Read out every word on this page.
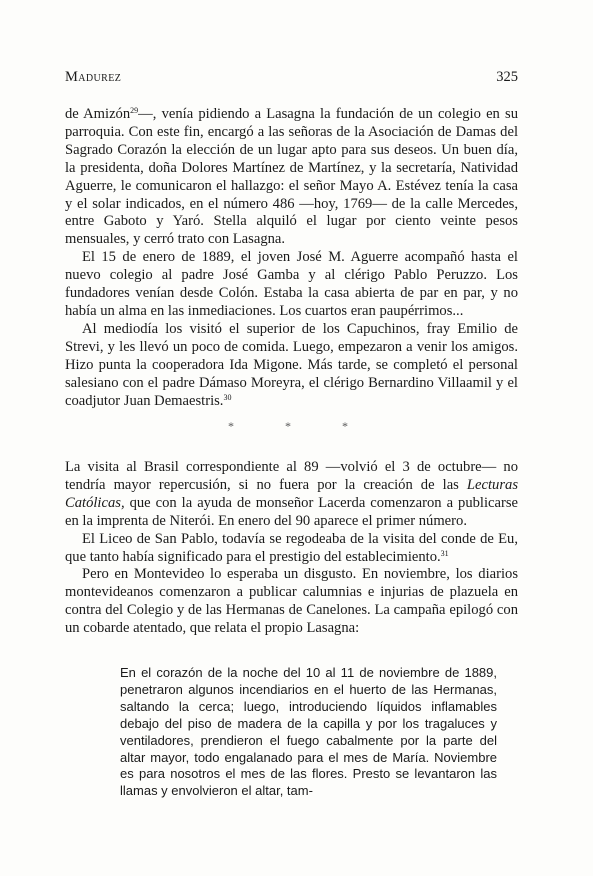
Madurez	325

de Amizón$^{29}$—, venía pidiendo a Lasagna la fundación de un colegio en su parroquia. Con este fin, encargó a las señoras de la Asociación de Damas del Sagrado Corazón la elección de un lugar apto para sus deseos. Un buen día, la presidenta, doña Dolores Martínez de Martínez, y la secretaría, Natividad Aguerre, le comunicaron el hallazgo: el señor Mayo A. Estévez tenía la casa y el solar indicados, en el número 486 —hoy, 1769— de la calle Mercedes, entre Gaboto y Yaró. Stella alquiló el lugar por ciento veinte pesos mensuales, y cerró trato con Lasagna.

El 15 de enero de 1889, el joven José M. Aguerre acompañó hasta el nuevo colegio al padre José Gamba y al clérigo Pablo Peruzzo. Los fundadores venían desde Colón. Estaba la casa abierta de par en par, y no había un alma en las inmediaciones. Los cuartos eran paupérrimos...

Al mediodía los visitó el superior de los Capuchinos, fray Emilio de Strevi, y les llevó un poco de comida. Luego, empezaron a venir los amigos. Hizo punta la cooperadora Ida Migone. Más tarde, se completó el personal salesiano con el padre Dámaso Moreyra, el clérigo Bernardino Villaamil y el coadjutor Juan Demaestris.$^{30}$

*	*	*

La visita al Brasil correspondiente al 89 —volvió el 3 de octubre— no tendría mayor repercusión, si no fuera por la creación de las Lecturas Católicas, que con la ayuda de monseñor Lacerda comenzaron a publicarse en la imprenta de Niterói. En enero del 90 aparece el primer número.

El Liceo de San Pablo, todavía se regodeaba de la visita del conde de Eu, que tanto había significado para el prestigio del establecimiento.$^{31}$

Pero en Montevideo lo esperaba un disgusto. En noviembre, los diarios montevideanos comenzaron a publicar calumnias e injurias de plazuela en contra del Colegio y de las Hermanas de Canelones. La campaña epilogó con un cobarde atentado, que relata el propio Lasagna:

En el corazón de la noche del 10 al 11 de noviembre de 1889, penetraron algunos incendiarios en el huerto de las Hermanas, saltando la cerca; luego, introduciendo líquidos inflamables debajo del piso de madera de la capilla y por los tragaluces y ventiladores, prendieron el fuego cabalmente por la parte del altar mayor, todo engalanado para el mes de María. Noviembre es para nosotros el mes de las flores. Presto se levantaron las llamas y envolvieron el altar, tam-
